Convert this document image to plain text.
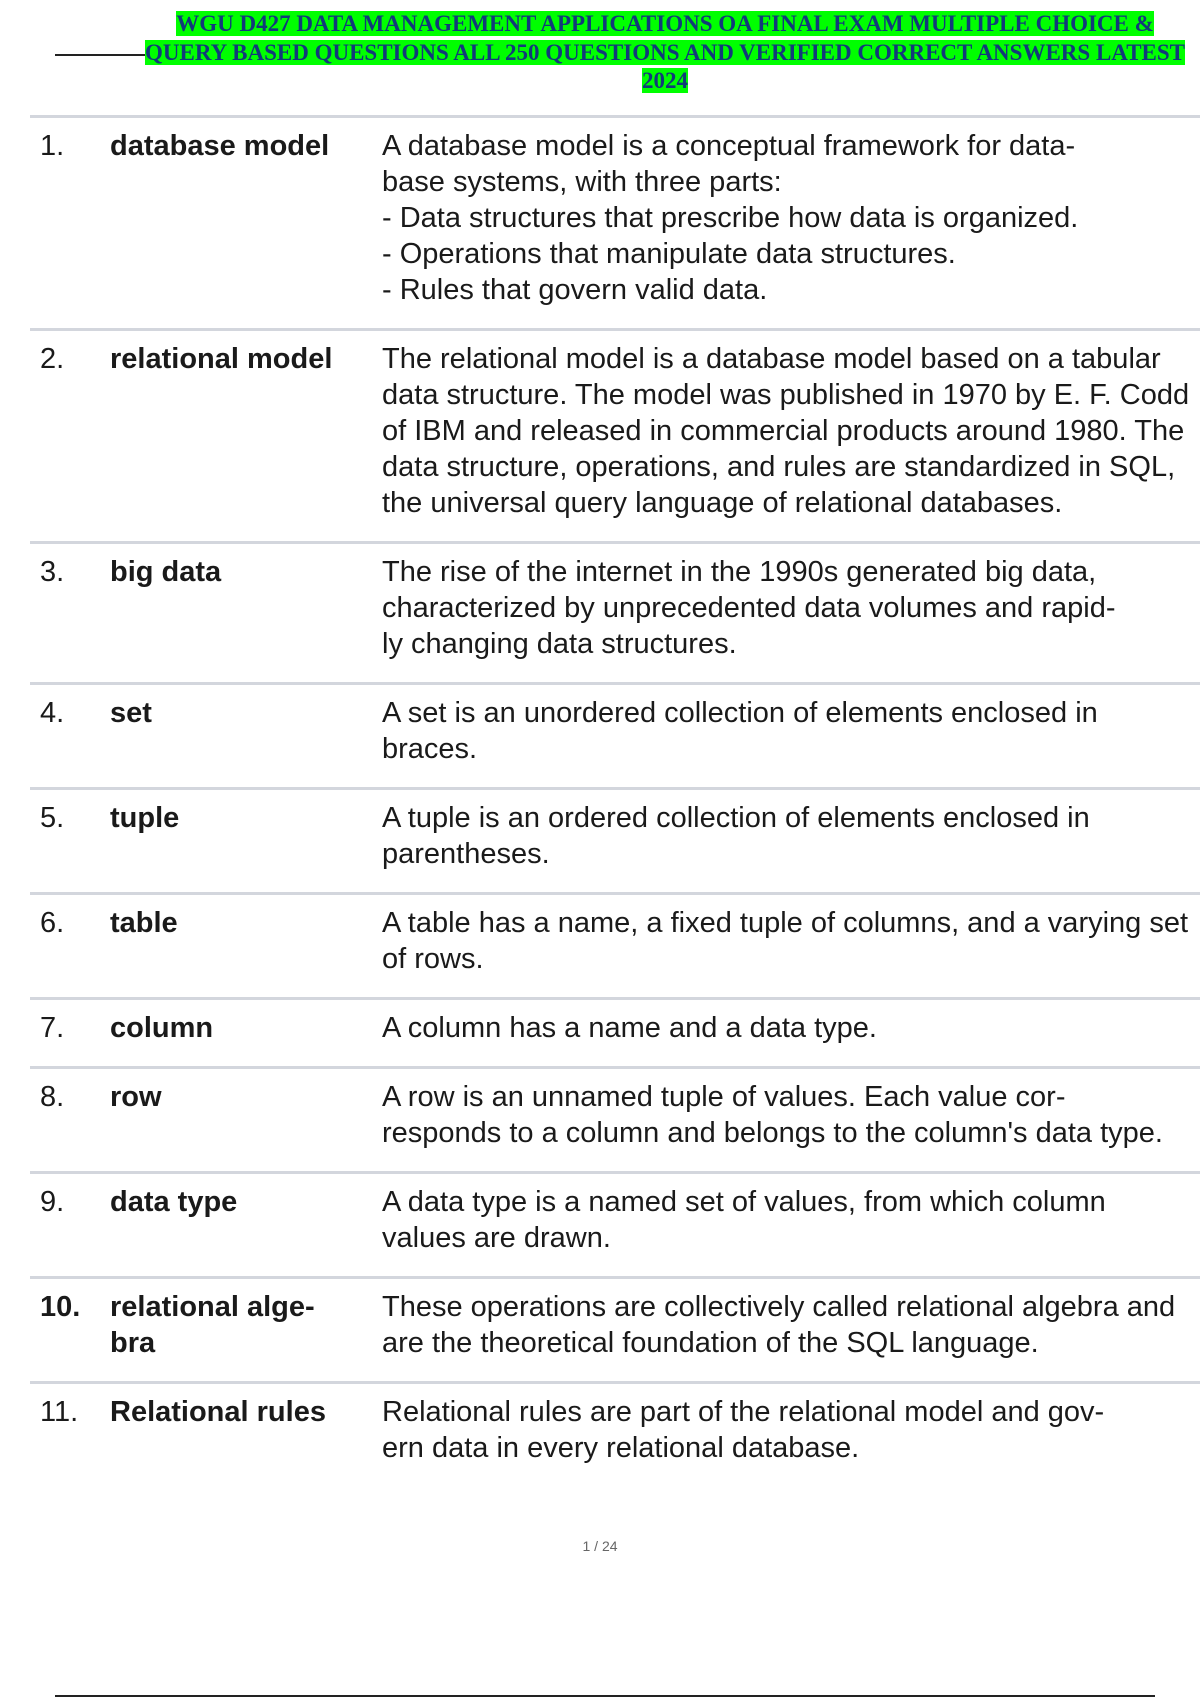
WGU D427 DATA MANAGEMENT APPLICATIONS OA FINAL EXAM MULTIPLE CHOICE & QUERY BASED QUESTIONS ALL 250 QUESTIONS AND VERIFIED CORRECT ANSWERS LATEST 2024
1.	database model	A database model is a conceptual framework for data-
base systems, with three parts:
- Data structures that prescribe how data is organized.
- Operations that manipulate data structures.
- Rules that govern valid data.
2.	relational model	The relational model is a database model based on a tabular data structure. The model was published in 1970 by E. F. Codd of IBM and released in commercial products around 1980. The data structure, operations, and rules are standardized in SQL, the universal query language of relational databases.
3.	big data	The rise of the internet in the 1990s generated big data, characterized by unprecedented data volumes and rapid-
ly changing data structures.
4.	set	A set is an unordered collection of elements enclosed in braces.
5.	tuple	A tuple is an ordered collection of elements enclosed in parentheses.
6.	table	A table has a name, a fixed tuple of columns, and a varying set of rows.
7.	column	A column has a name and a data type.
8.	row	A row is an unnamed tuple of values. Each value cor-
responds to a column and belongs to the column's data type.
9.	data type	A data type is a named set of values, from which column values are drawn.
10.	relational alge-
bra	These operations are collectively called relational algebra and are the theoretical foundation of the SQL language.
11.	Relational rules	Relational rules are part of the relational model and gov-
ern data in every relational database.
1 / 24
